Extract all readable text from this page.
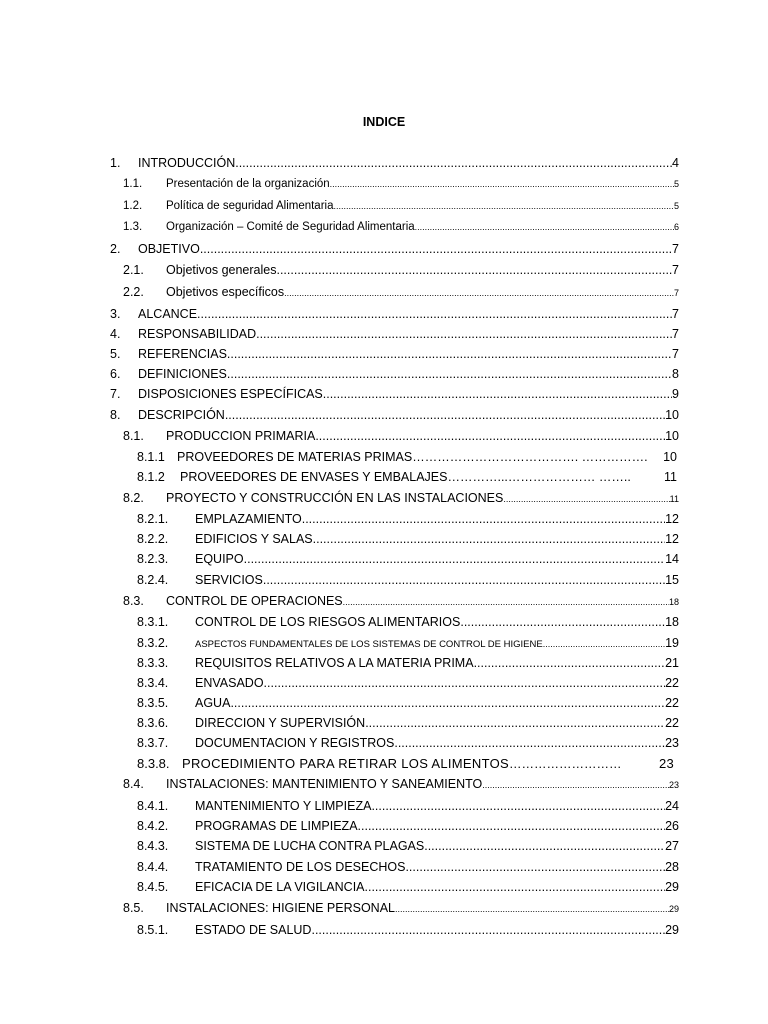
INDICE
1. INTRODUCCIÓN .....	4
1.1. Presentación de la organización .....	5
1.2. Política de seguridad Alimentaria .....	5
1.3. Organización – Comité de Seguridad Alimentaria .....	6
2. OBJETIVO .....	7
2.1. Objetivos generales .....	7
2.2. Objetivos específicos .....	7
3. ALCANCE .....	7
4. RESPONSABILIDAD .....	7
5. REFERENCIAS .....	7
6. DEFINICIONES .....	8
7. DISPOSICIONES ESPECÍFICAS .....	9
8. DESCRIPCIÓN .....	10
8.1. PRODUCCION PRIMARIA .....	10
8.1.1 PROVEEDORES DE MATERIAS PRIMAS …………………………………. …………….	10
8.1.2 PROVEEDORES DE ENVASES Y EMBALAJES …………...………………… ……..	11
8.2. PROYECTO Y CONSTRUCCIÓN EN LAS INSTALACIONES .....	11
8.2.1. EMPLAZAMIENTO .....	12
8.2.2. EDIFICIOS Y SALAS .....	12
8.2.3. EQUIPO .....	14
8.2.4. SERVICIOS .....	15
8.3. CONTROL DE OPERACIONES .....	18
8.3.1. CONTROL DE LOS RIESGOS ALIMENTARIOS .....	18
8.3.2.	ASPECTOS FUNDAMENTALES DE LOS SISTEMAS DE CONTROL DE HIGIENE .....	19
8.3.3. REQUISITOS RELATIVOS A LA MATERIA PRIMA .....	21
8.3.4. ENVASADO .....	22
8.3.5. AGUA .....	22
8.3.6. DIRECCION Y SUPERVISIÓN .....	22
8.3.7. DOCUMENTACION Y REGISTROS .....	23
8.3.8. PROCEDIMIENTO PARA RETIRAR LOS ALIMENTOS ………………………	23
8.4. INSTALACIONES: MANTENIMIENTO Y SANEAMIENTO .....	23
8.4.1. MANTENIMIENTO Y LIMPIEZA .....	24
8.4.2. PROGRAMAS DE LIMPIEZA .....	26
8.4.3. SISTEMA DE LUCHA CONTRA PLAGAS .....	27
8.4.4. TRATAMIENTO DE LOS DESECHOS .....	28
8.4.5. EFICACIA DE LA VIGILANCIA .....	29
8.5. INSTALACIONES: HIGIENE PERSONAL .....	29
8.5.1. ESTADO DE SALUD .....	29
